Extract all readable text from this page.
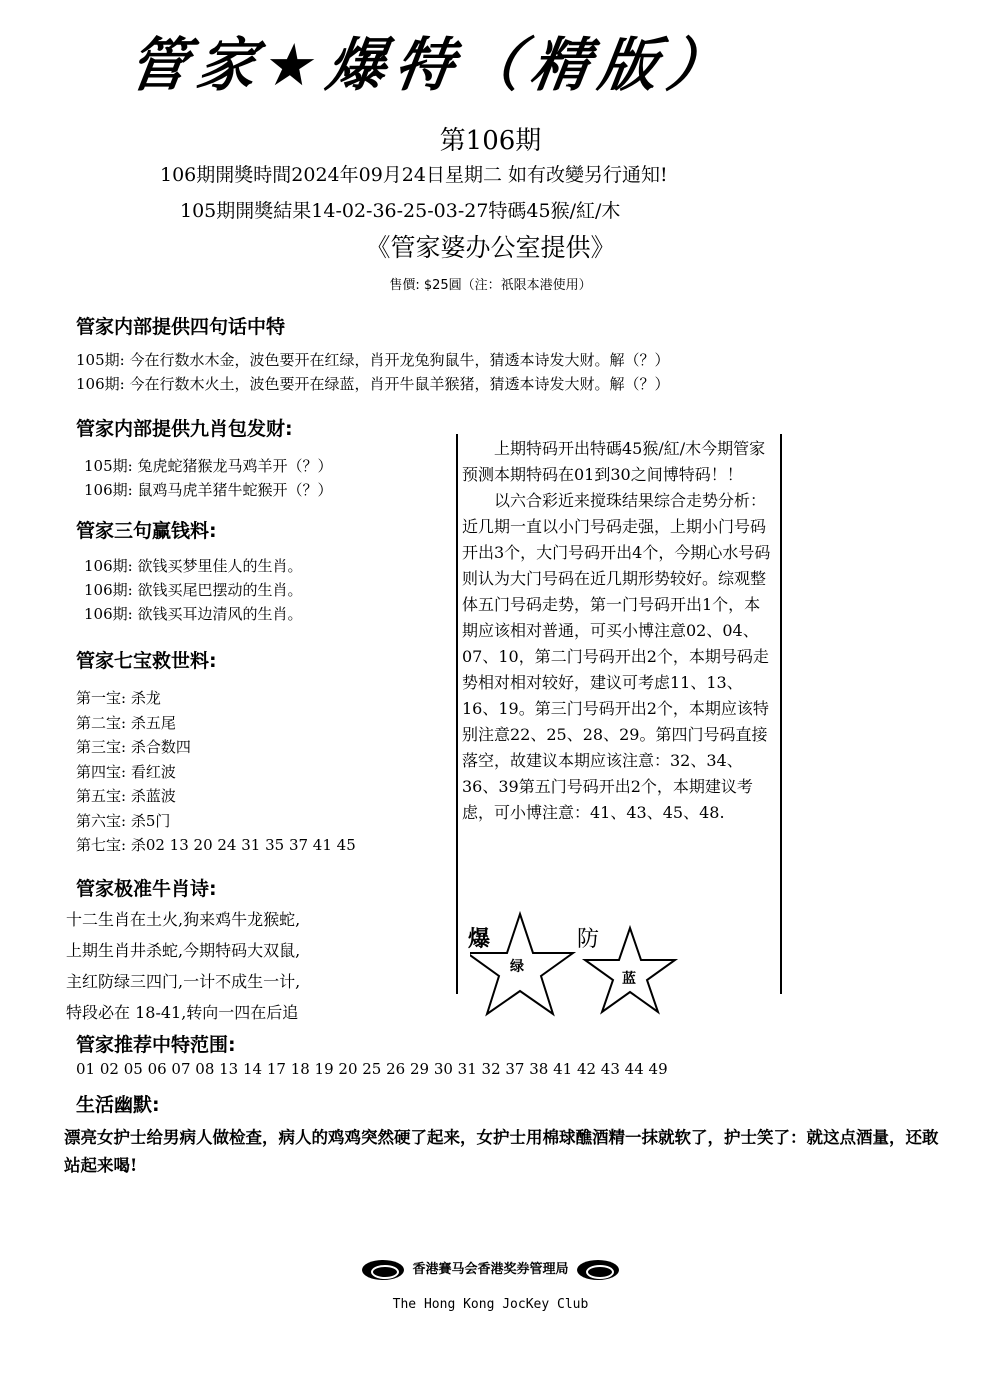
管家★爆特（精版）
第106期
106期開獎時間2024年09月24日星期二 如有改變另行通知!
105期開獎結果14-02-36-25-03-27特碼45猴/紅/木
《管家婆办公室提供》
售價: $25圓（注：祇限本港使用）
管家内部提供四句话中特
105期: 今在行数水木金，波色要开在红绿，肖开龙兔狗鼠牛，猜透本诗发大财。解（？）
106期: 今在行数木火土，波色要开在绿蓝，肖开牛鼠羊猴猪，猜透本诗发大财。解（？）
管家内部提供九肖包发财:
105期: 兔虎蛇猪猴龙马鸡羊开（？）
106期: 鼠鸡马虎羊猪牛蛇猴开（？）
管家三句赢钱料:
106期: 欲钱买梦里佳人的生肖。
106期: 欲钱买尾巴摆动的生肖。
106期: 欲钱买耳边清风的生肖。
管家七宝救世料:
第一宝: 杀龙
第二宝: 杀五尾
第三宝: 杀合数四
第四宝: 看红波
第五宝: 杀蓝波
第六宝: 杀5门
第七宝: 杀02 13 20 24 31 35 37 41 45
管家极准牛肖诗:
十二生肖在土火,狗来鸡牛龙猴蛇,
上期生肖井杀蛇,今期特码大双鼠,
主红防绿三四门,一计不成生一计,
特段必在 18-41,转向一四在后追

上期特码开出特碼45猴/紅/木今期管家预测本期特码在01到30之间博特码！！

以六合彩近来搅珠结果综合走势分析：近几期一直以小门号码走强，上期小门号码开出3个，大门号码开出4个，今期心水号码则认为大门号码在近几期形势较好。综观整体五门号码走势，第一门号码开出1个，本期应该相对普通，可买小博注意02、04、07、10，第二门号码开出2个，本期号码走势相对相对较好，建议可考虑11、13、16、19。第三门号码开出2个，本期应该特别注意22、25、28、29。第四门号码直接落空，故建议本期应该注意：32、34、36、39第五门号码开出2个，本期建议考虑，可小博注意：41、43、45、48.

爆	防
绿
蓝
管家推荐中特范围:
01 02 05 06 07 08 13 14 17 18 19 20 25 26 29 30 31 32 37 38 41 42 43 44 49
生活幽默:
漂亮女护士给男病人做检查，病人的鸡鸡突然硬了起来，女护士用棉球醮酒精一抹就软了，护士笑了：就这点酒量，还敢站起来喝!
香港賽马会香港奖券管理局
The Hong Kong JocKey Club
